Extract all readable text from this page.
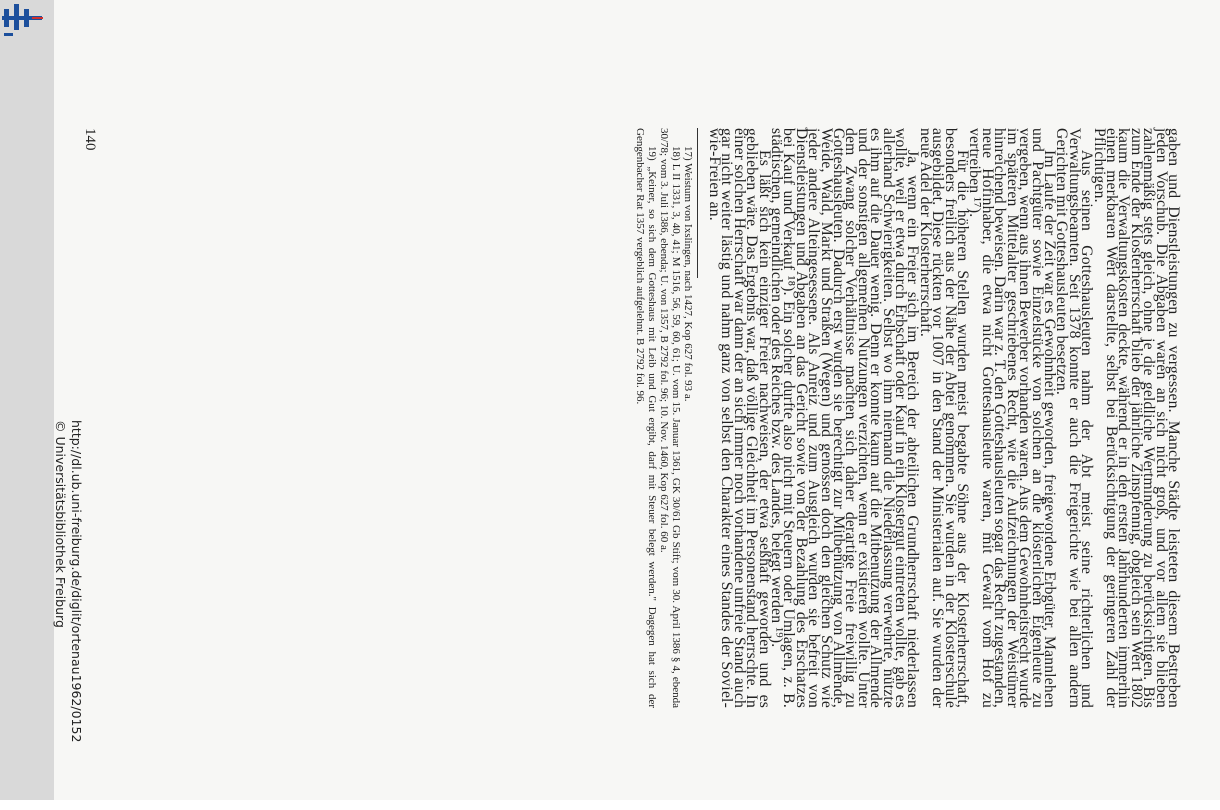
gaben und Dienstleistungen zu vergessen. Manche Städte leisteten diesem Bestreben jeden Vorschub. Die Abgaben waren an sich nicht groß, und vor allem sie blieben zahlenmäßig stets gleich, ohne je die geldliche Wertminderung zu berücksichtigen. Bis zum Ende der Klosterherrschaft blieb der jährliche Zinspfennig, obgleich sein Wert 1802 kaum die Verwaltungskosten deckte, während er in den ersten Jahrhunderten immerhin einen merkbaren Wert darstellte, selbst bei Berücksichtigung der geringeren Zahl der Pflichtigen.

Aus seinen Gotteshausleuten nahm der Abt meist seine richterlichen und Verwaltungsbeamten. Seit 1378 konnte er auch die Freigerichte wie bei allen andern Gerichten mit Gotteshausleuten besetzen.

Im Laufe der Zeit war es Gewohnheit geworden, freigewordene Erbgüter, Mannlehen und Pachtgüter sowie Einzelstücke von solchen an die klösterlichen Eigenleute zu vergeben, wenn aus ihnen Bewerber vorhanden waren. Aus dem Gewohnheitsrecht wurde im späteren Mittelalter geschriebenes Recht, wie die Aufzeichnungen der Weistümer hinreichend beweisen. Darin war z. T. den Gotteshausleuten sogar das Recht zugestanden, neue Hofinhaber, die etwa nicht Gotteshausleute waren, mit Gewalt vom Hof zu vertreiben ¹⁷).

Für die höheren Stellen wurden meist begabte Söhne aus der Klosterherrschaft, besonders freilich aus der Nähe der Abtei genommen. Sie wurden in der Klosterschule ausgebildet. Diese rückten vor 1007 in den Stand der Ministerialen auf. Sie wurden der neue Adel der Klosterherrschaft.

Ja, wenn ein Freier sich im Bereich der abteilichen Grundherrschaft niederlassen wollte, weil er etwa durch Erbschaft oder Kauf in ein Klostergut eintreten wollte, gab es allerhand Schwierigkeiten. Selbst wo ihm niemand die Niederlassung verwehrte, nützte es ihm auf die Dauer wenig. Denn er konnte kaum auf die Mitbenutzung der Allmende und der sonstigen allgemeinen Nutzungen verzichten, wenn er existieren wollte. Unter dem Zwang solcher Verhältnisse machten sich daher derartige Freie freiwillig zu Gotteshausleuten. Dadurch erst wurden sie berechtigt zur Mitbenützung von Allmende, Weide, Wald, Markt und Straßen (Wegen) und genossen doch den gleichen Schutz wie jeder andere Alteingesessene. Als Anreiz und zum Ausgleich wurden sie befreit von Dienstleistungen und Abgaben an das Gericht sowie von der Bezahlung des Erschatzes bei Kauf und Verkauf ¹⁸). Ein solcher durfte also nicht mit Steuern oder Umlagen, z. B. städtischen, gemeindlichen oder des Reiches bzw. des Landes, belegt werden ¹⁹).

Es läßt sich kein einziger Freier nachweisen, der etwa seßhaft geworden und es geblieben wäre. Das Ergebnis war, daß völlige Gleichheit im Personenstand herrschte. In einer solchen Herrschaft war dann der an sich immer noch vorhandene unfreie Stand auch gar nicht weiter lästig und nahm ganz von selbst den Charakter eines Standes der Soviel-wie-Freien an.

17) Weistum von Ixslingen, nach 1427, Kop 627 fol. 93 a.

18) L II 1331, 3, 40, 41; M 1516, 56, 59, 60, 61; U. vom 15. Januar 1361, GK 30/61 Gb Stift; vom 30. April 1386 § 4, ebenda 30/78; vom 3. Juli 1386, ebenda; U. von 1357, B 2792 fol. 96; 10. Nov. 1460, Kop 627 fol. 60 a.

19) „Keiner, so sich dem Gotteshaus mit Leib und Gut ergibt, darf mit Steuer belegt werden." Dagegen hat sich der Gengenbacher Rat 1357 vergeblich aufgelehnt. B 2792 fol. 96.

140

http://dl.ub.uni-freiburg.de/diglit/ortenau1962/0152

© Universitätsbibliothek Freiburg
